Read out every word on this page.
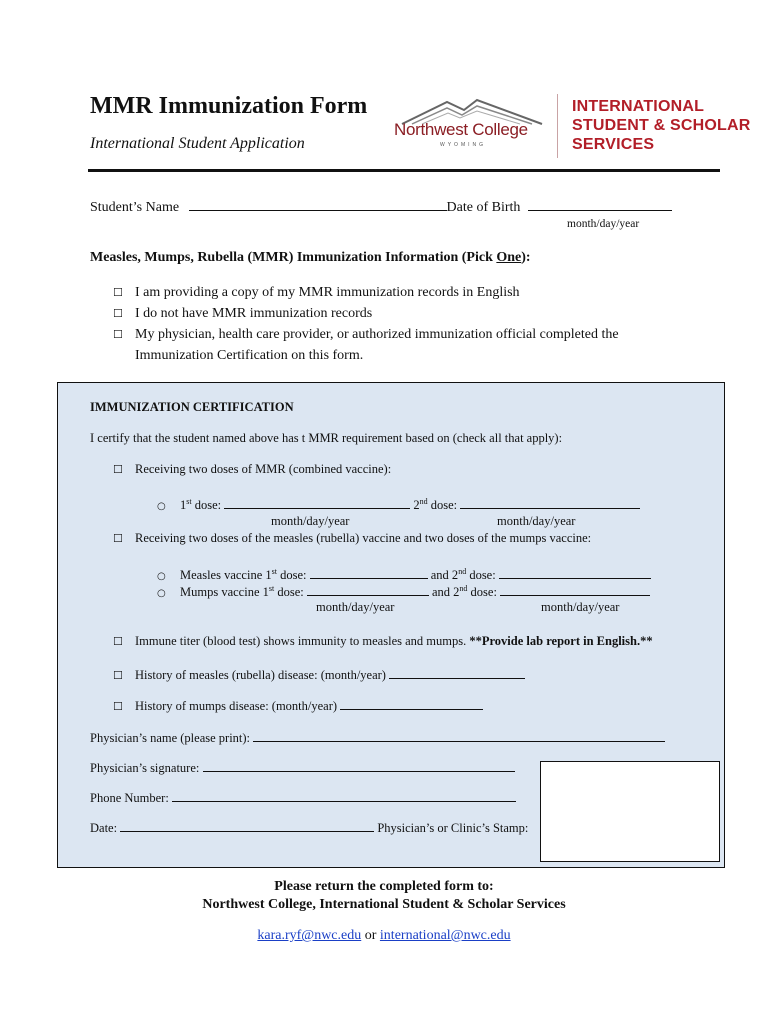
MMR Immunization Form
International Student Application
Northwest College
WYOMING
INTERNATIONAL
STUDENT & SCHOLAR
SERVICES
Student’s Name	Date of Birth
month/day/year
Measles, Mumps, Rubella (MMR) Immunization Information (Pick One):
☐ I am providing a copy of my MMR immunization records in English
☐ I do not have MMR immunization records
☐ My physician, health care provider, or authorized immunization official completed the
Immunization Certification on this form.
IMMUNIZATION CERTIFICATION
I certify that the student named above has t MMR requirement based on (check all that apply):
☐ Receiving two doses of MMR (combined vaccine):
○ 1st dose:	2nd dose:
month/day/year	month/day/year
☐ Receiving two doses of the measles (rubella) vaccine and two doses of the mumps vaccine:
○ Measles vaccine 1st dose:	and 2nd dose:
○ Mumps vaccine 1st dose:	and 2nd dose:
month/day/year	month/day/year
☐ Immune titer (blood test) shows immunity to measles and mumps. **Provide lab report in English.**
☐ History of measles (rubella) disease: (month/year)
☐ History of mumps disease: (month/year)
Physician’s name (please print):
Physician’s signature:
Phone Number:
Date:	Physician’s or Clinic’s Stamp:
Please return the completed form to:
Northwest College, International Student & Scholar Services
kara.ryf@nwc.edu or international@nwc.edu
